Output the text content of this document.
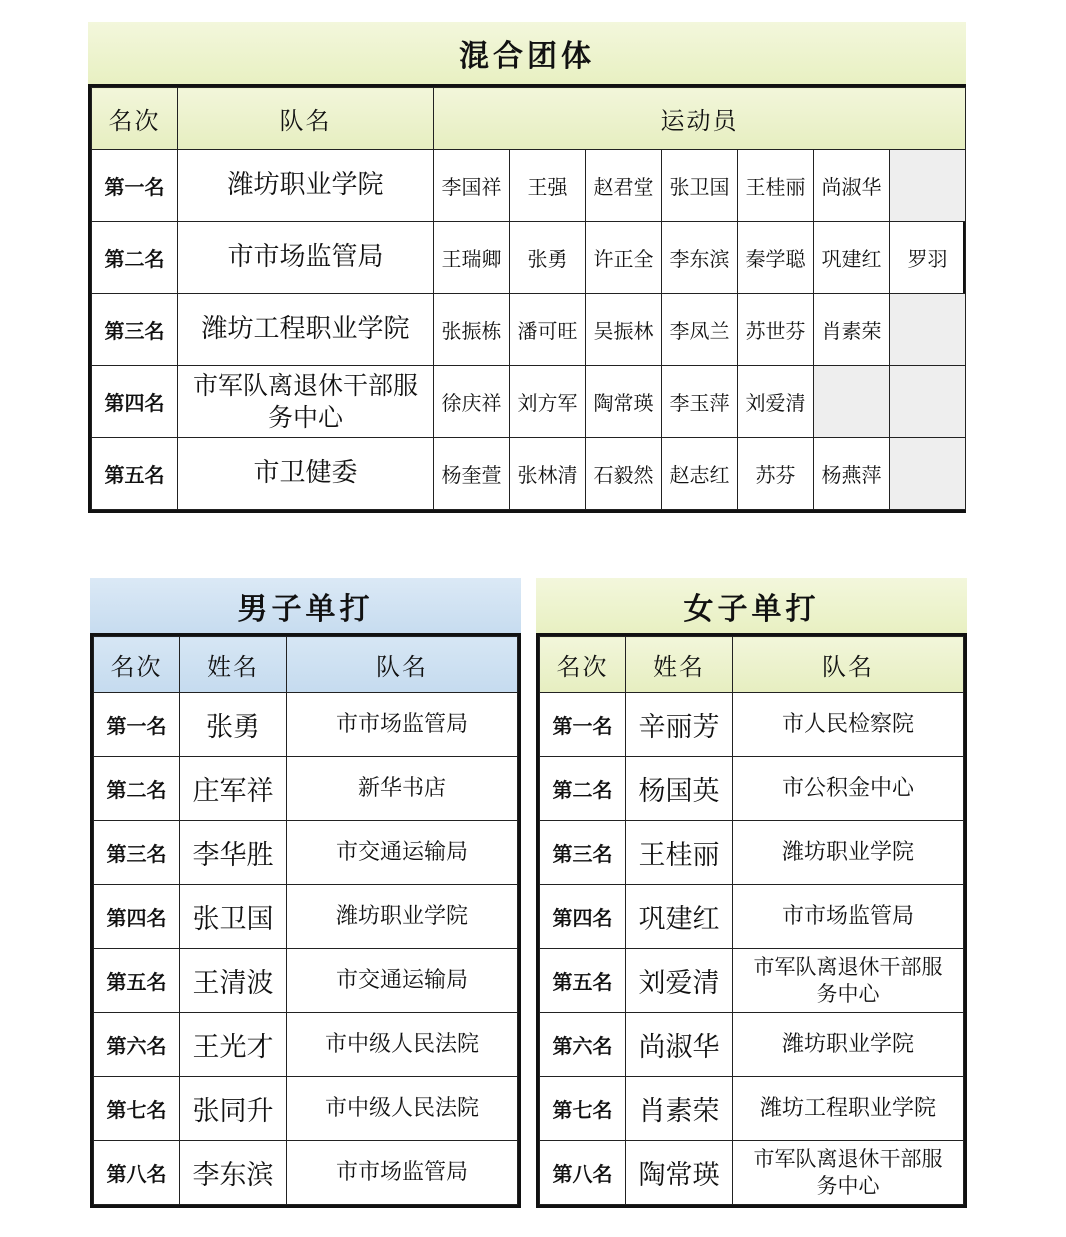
混合团体
名次	队名	运动员						
第一名	潍坊职业学院	李国祥	王强	赵君堂	张卫国	王桂丽	尚淑华	
第二名	市市场监管局	王瑞卿	张勇	许正全	李东滨	秦学聪	巩建红	罗羽
第三名	潍坊工程职业学院	张振栋	潘可旺	吴振林	李凤兰	苏世芬	肖素荣	
第四名	市军队离退休干部服务中心	徐庆祥	刘方军	陶常瑛	李玉萍	刘爱清		
第五名	市卫健委	杨奎萱	张林清	石毅然	赵志红	苏芬	杨燕萍	
男子单打
名次	姓名	队名
第一名	张勇	市市场监管局
第二名	庄军祥	新华书店
第三名	李华胜	市交通运输局
第四名	张卫国	潍坊职业学院
第五名	王清波	市交通运输局
第六名	王光才	市中级人民法院
第七名	张同升	市中级人民法院
第八名	李东滨	市市场监管局
女子单打
名次	姓名	队名
第一名	辛丽芳	市人民检察院
第二名	杨国英	市公积金中心
第三名	王桂丽	潍坊职业学院
第四名	巩建红	市市场监管局
第五名	刘爱清	市军队离退休干部服务中心
第六名	尚淑华	潍坊职业学院
第七名	肖素荣	潍坊工程职业学院
第八名	陶常瑛	市军队离退休干部服务中心
